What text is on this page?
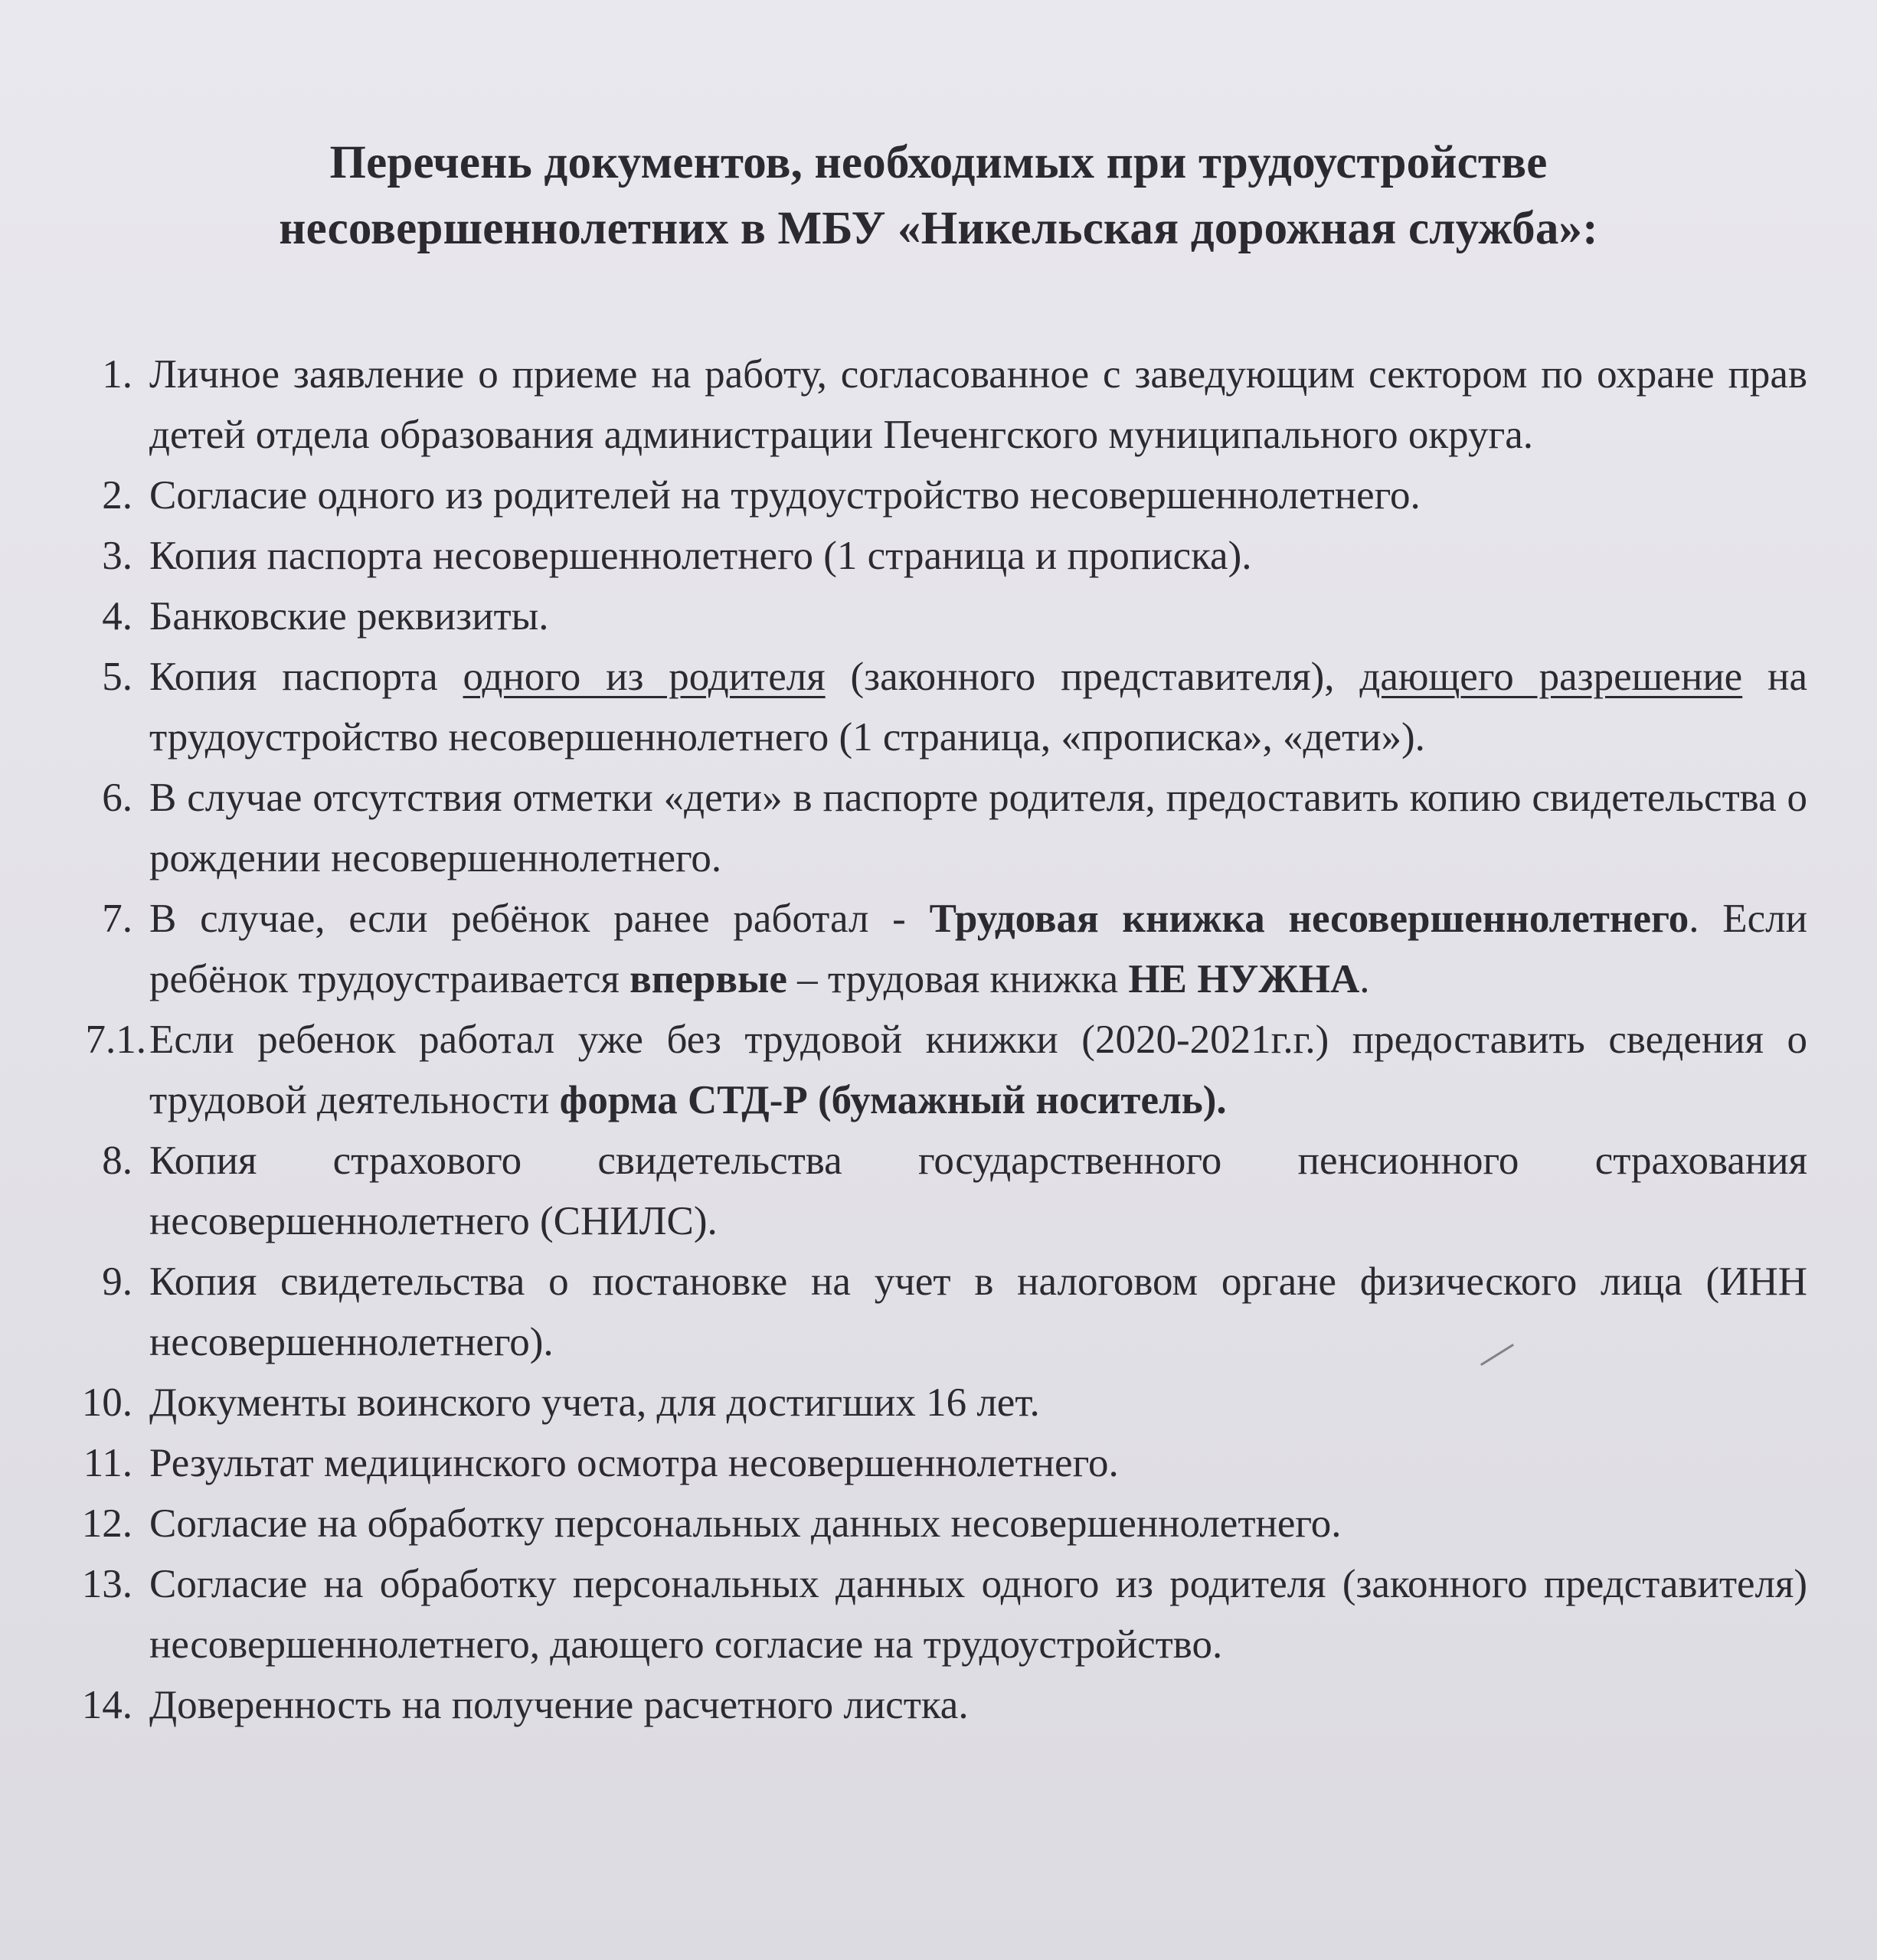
Перечень документов, необходимых при трудоустройстве
несовершеннолетних в МБУ «Никельская дорожная служба»:
1. Личное заявление о приеме на работу, согласованное с заведующим сектором по охране прав детей отдела образования администрации Печенгского муниципального округа.
2. Согласие одного из родителей на трудоустройство несовершеннолетнего.
3. Копия паспорта несовершеннолетнего (1 страница и прописка).
4. Банковские реквизиты.
5. Копия паспорта одного из родителя (законного представителя), дающего разрешение на трудоустройство несовершеннолетнего (1 страница, «прописка», «дети»).
6. В случае отсутствия отметки «дети» в паспорте родителя, предоставить копию свидетельства о рождении несовершеннолетнего.
7. В случае, если ребёнок ранее работал - Трудовая книжка несовершеннолетнего. Если ребёнок трудоустраивается впервые – трудовая книжка НЕ НУЖНА.
7.1. Если ребенок работал уже без трудовой книжки (2020-2021г.г.) предоставить сведения о трудовой деятельности форма СТД-Р (бумажный носитель).
8. Копия страхового свидетельства государственного пенсионного страхования несовершеннолетнего (СНИЛС).
9. Копия свидетельства о постановке на учет в налоговом органе физического лица (ИНН несовершеннолетнего).
10. Документы воинского учета, для достигших 16 лет.
11. Результат медицинского осмотра несовершеннолетнего.
12. Согласие на обработку персональных данных несовершеннолетнего.
13. Согласие на обработку персональных данных одного из родителя (законного представителя) несовершеннолетнего, дающего согласие на трудоустройство.
14. Доверенность на получение расчетного листка.
